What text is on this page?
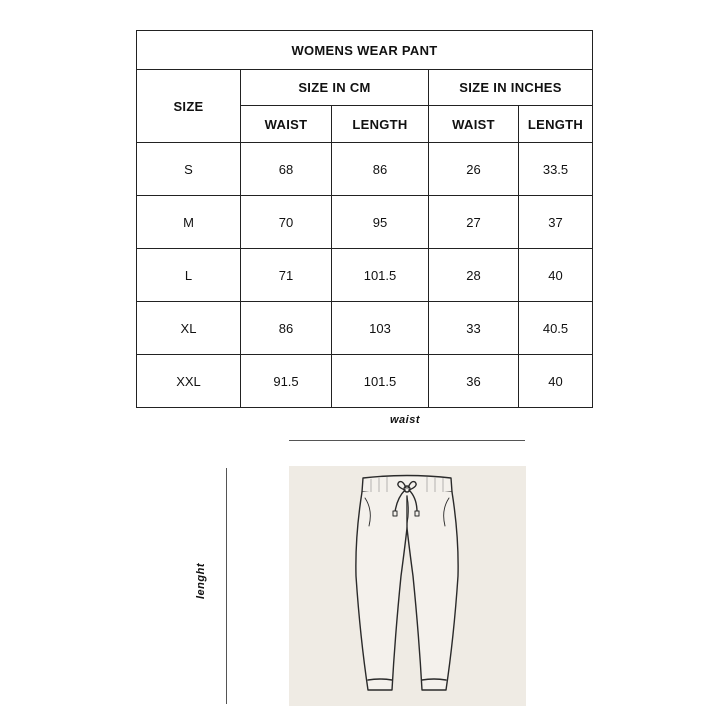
WOMENS WEAR PANT				
SIZE	SIZE IN CM		SIZE IN INCHES	
	WAIST	LENGTH	WAIST	LENGTH
S	68	86	26	33.5
M	70	95	27	37
L	71	101.5	28	40
XL	86	103	33	40.5
XXL	91.5	101.5	36	40
waist
lenght
